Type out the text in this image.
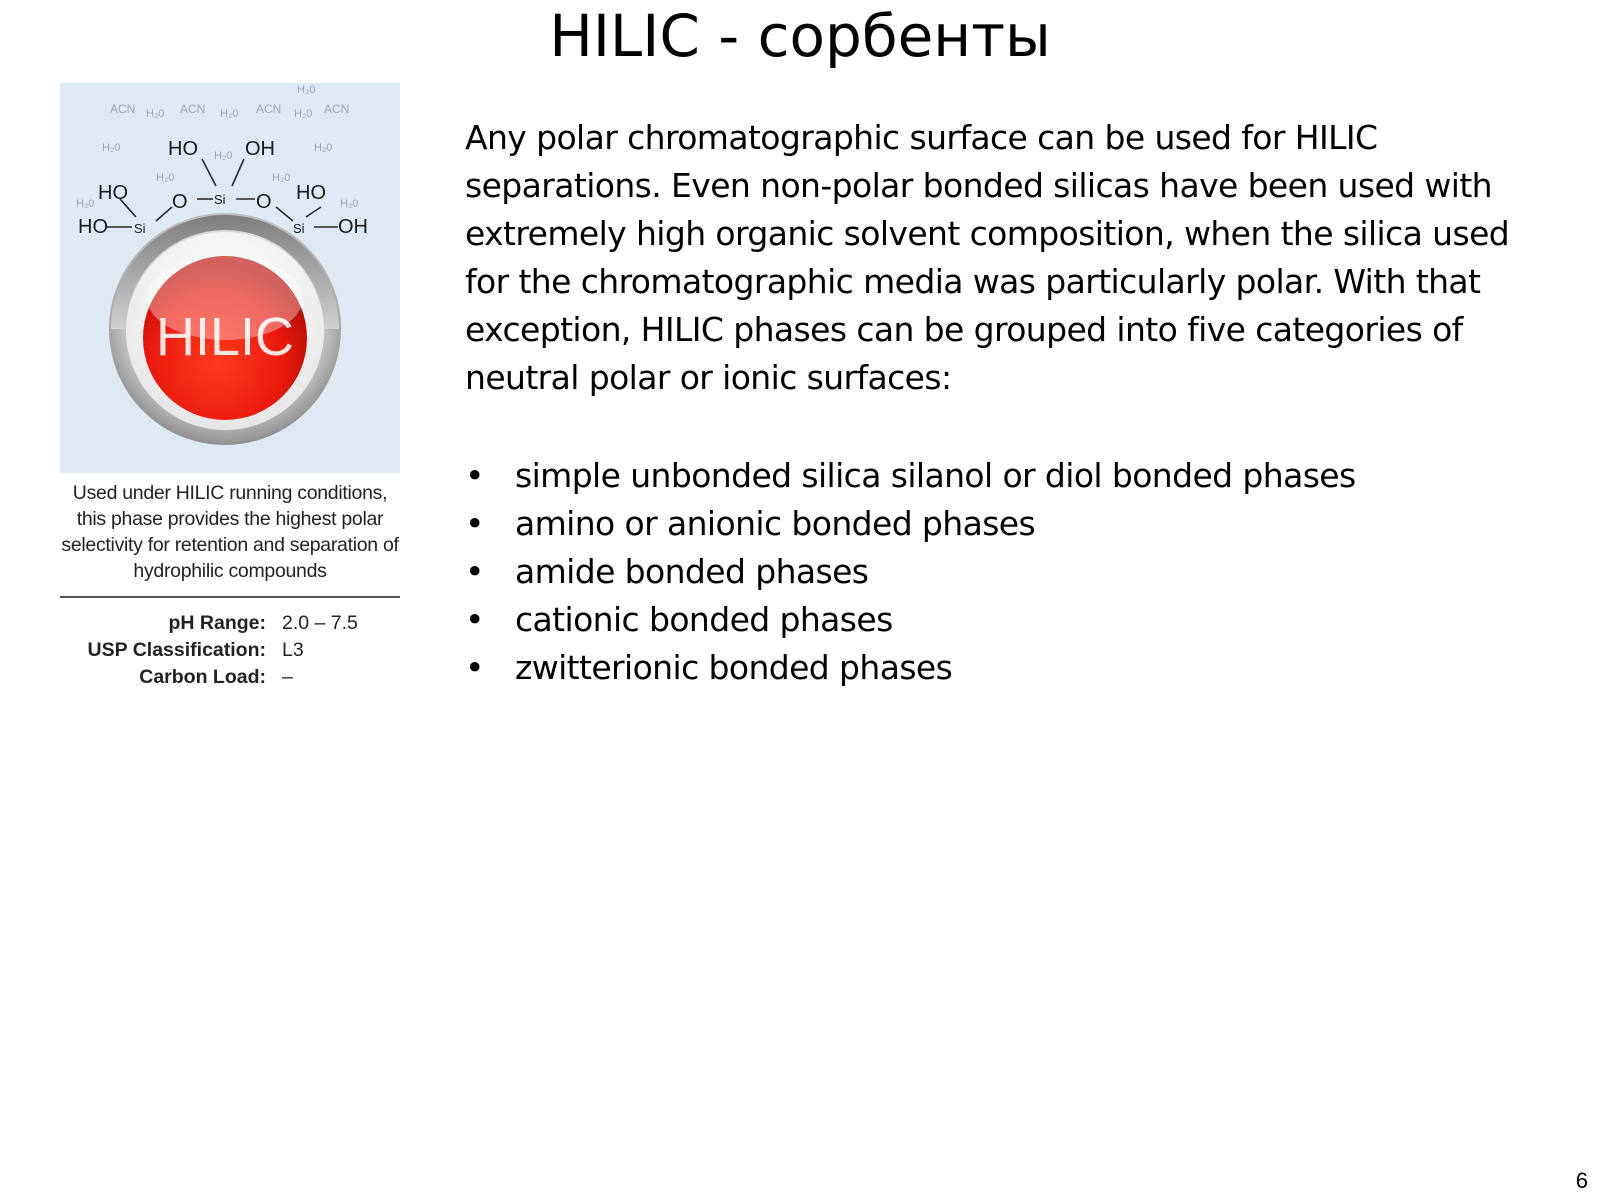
HILIC - сорбенты
H₂0
ACN H₂0 ACN H₂0 ACN H₂0 ACN
H₂0
H₂0
H₂0
H₂0	H₂0
H₂0	H₂0
HILIC
HO OH
Si
O	O
HO	HO
HO	OH
Si	Si
Used under HILIC running conditions, this phase provides the highest polar selectivity for retention and separation of hydrophilic compounds
pH Range: 2.0 – 7.5
USP Classification: L3
Carbon Load: –

Any polar chromatographic surface can be used for HILIC separations. Even non-polar bonded silicas have been used with extremely high organic solvent composition, when the silica used for the chromatographic media was particularly polar. With that exception, HILIC phases can be grouped into five categories of neutral polar or ionic surfaces:

• simple unbonded silica silanol or diol bonded phases
• amino or anionic bonded phases
• amide bonded phases
• cationic bonded phases
• zwitterionic bonded phases
6
